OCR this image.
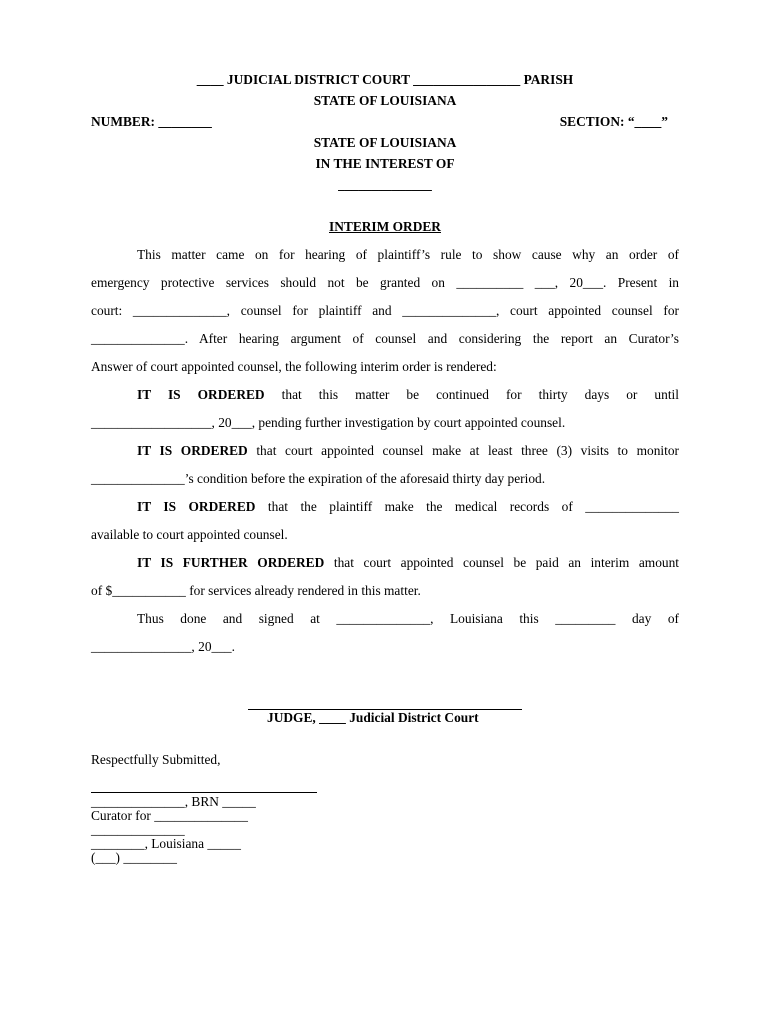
____ JUDICIAL DISTRICT COURT ________________ PARISH
STATE OF LOUISIANA
NUMBER: ________	SECTION: “____”
STATE OF LOUISIANA
IN THE INTEREST OF
______________
INTERIM ORDER
This matter came on for hearing of plaintiff’s rule to show cause why an order of
emergency protective services should not be granted on __________ ___, 20___. Present in
court: ______________, counsel for plaintiff and ______________, court appointed counsel for
______________. After hearing argument of counsel and considering the report an Curator’s
Answer of court appointed counsel, the following interim order is rendered:
IT IS ORDERED that this matter be continued for thirty days or until
__________________, 20___, pending further investigation by court appointed counsel.
IT IS ORDERED that court appointed counsel make at least three (3) visits to monitor
______________’s condition before the expiration of the aforesaid thirty day period.
IT IS ORDERED that the plaintiff make the medical records of ______________
available to court appointed counsel.
IT IS FURTHER ORDERED that court appointed counsel be paid an interim amount
of $___________ for services already rendered in this matter.
Thus done and signed at ______________, Louisiana this _________ day of
_______________, 20___.
JUDGE, ____ Judicial District Court
Respectfully Submitted,
______________, BRN _____
Curator for ______________
______________
________, Louisiana _____
(___) ________
